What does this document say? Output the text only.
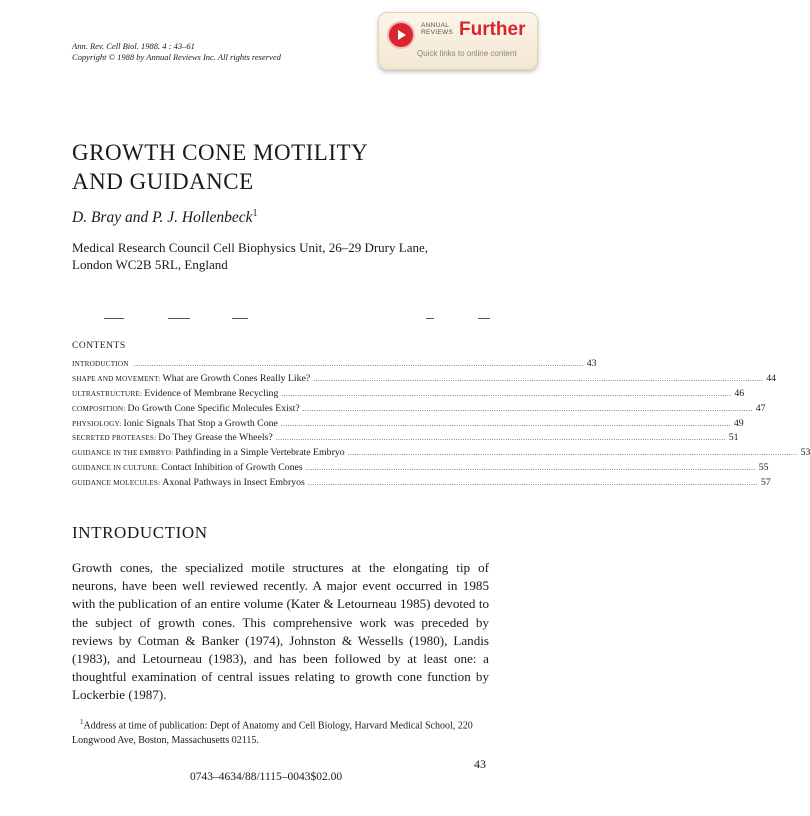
Ann. Rev. Cell Biol. 1988. 4 : 43–61
Copyright © 1988 by Annual Reviews Inc. All rights reserved
ANNUAL
REVIEWS Further
Quick links to online content
GROWTH CONE MOTILITY
AND GUIDANCE
D. Bray and P. J. Hollenbeck$^1$
Medical Research Council Cell Biophysics Unit, 26–29 Drury Lane,
London WC2B 5RL, England
CONTENTS
INTRODUCTION ........................................................................................................................................................................................................ 43
SHAPE AND MOVEMENT: What are Growth Cones Really Like? ........................................................................................................................................................................................................ 44
ULTRASTRUCTURE: Evidence of Membrane Recycling ........................................................................................................................................................................................................ 46
COMPOSITION: Do Growth Cone Specific Molecules Exist? ........................................................................................................................................................................................................ 47
PHYSIOLOGY: Ionic Signals That Stop a Growth Cone ........................................................................................................................................................................................................ 49
SECRETED PROTEASES: Do They Grease the Wheels? ........................................................................................................................................................................................................ 51
GUIDANCE IN THE EMBRYO: Pathfinding in a Simple Vertebrate Embryo ........................................................................................................................................................................................................ 53
GUIDANCE IN CULTURE: Contact Inhibition of Growth Cones ........................................................................................................................................................................................................ 55
GUIDANCE MOLECULES: Axonal Pathways in Insect Embryos ........................................................................................................................................................................................................ 57
INTRODUCTION

Growth cones, the specialized motile structures at the elongating tip of neurons, have been well reviewed recently. A major event occurred in 1985 with the publication of an entire volume (Kater & Letourneau 1985) devoted to the subject of growth cones. This comprehensive work was preceded by reviews by Cotman & Banker (1974), Johnston & Wessells (1980), Landis (1983), and Letourneau (1983), and has been followed by at least one: a thoughtful examination of central issues relating to growth cone function by Lockerbie (1987).

$^1$Address at time of publication: Dept of Anatomy and Cell Biology, Harvard Medical School, 220 Longwood Ave, Boston, Massachusetts 02115.

43
0743–4634/88/1115–0043$02.00
